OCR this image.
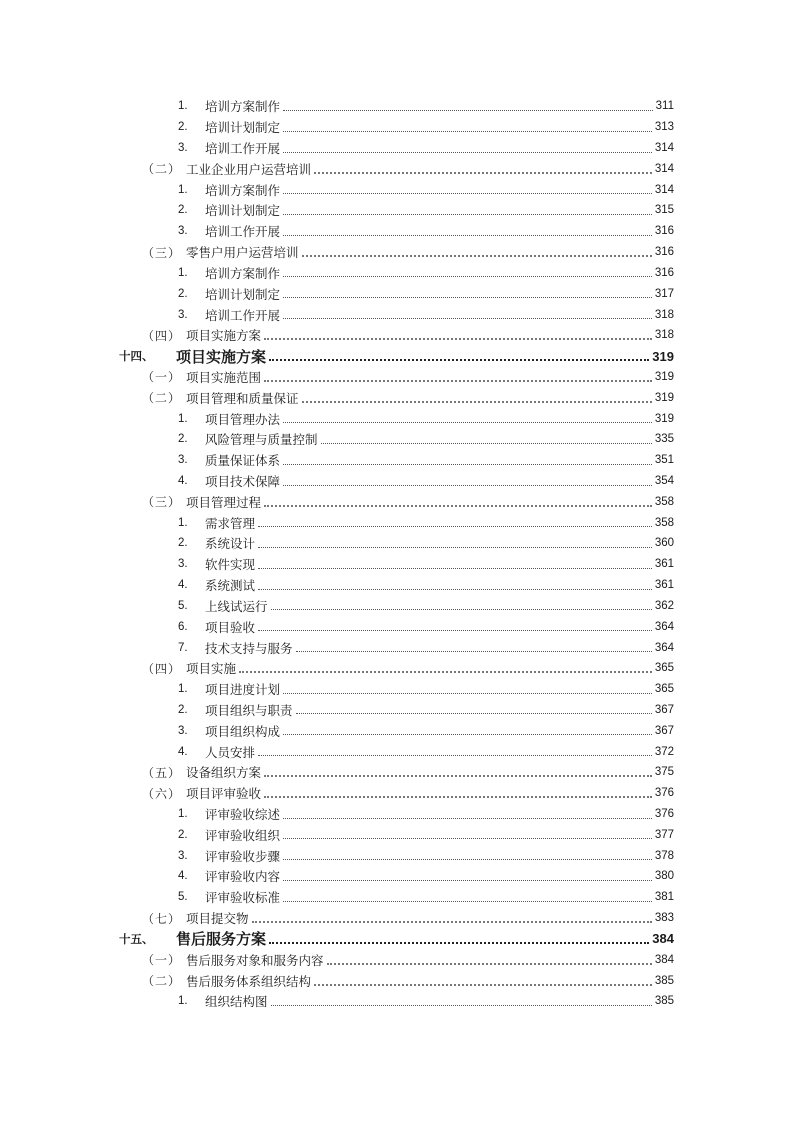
1.	培训方案制作	311
2.	培训计划制定	313
3.	培训工作开展	314
（二） 工业企业用户运营培训	314
1.	培训方案制作	314
2.	培训计划制定	315
3.	培训工作开展	316
（三） 零售户用户运营培训	316
1.	培训方案制作	316
2.	培训计划制定	317
3.	培训工作开展	318
（四） 项目实施方案	318
十四、	项目实施方案	319
（一） 项目实施范围	319
（二） 项目管理和质量保证	319
1.	项目管理办法	319
2.	风险管理与质量控制	335
3.	质量保证体系	351
4.	项目技术保障	354
（三） 项目管理过程	358
1.	需求管理	358
2.	系统设计	360
3.	软件实现	361
4.	系统测试	361
5.	上线试运行	362
6.	项目验收	364
7.	技术支持与服务	364
（四） 项目实施	365
1.	项目进度计划	365
2.	项目组织与职责	367
3.	项目组织构成	367
4.	人员安排	372
（五） 设备组织方案	375
（六） 项目评审验收	376
1.	评审验收综述	376
2.	评审验收组织	377
3.	评审验收步骤	378
4.	评审验收内容	380
5.	评审验收标准	381
（七） 项目提交物	383
十五、	售后服务方案	384
（一） 售后服务对象和服务内容	384
（二） 售后服务体系组织结构	385
1.	组织结构图	385
